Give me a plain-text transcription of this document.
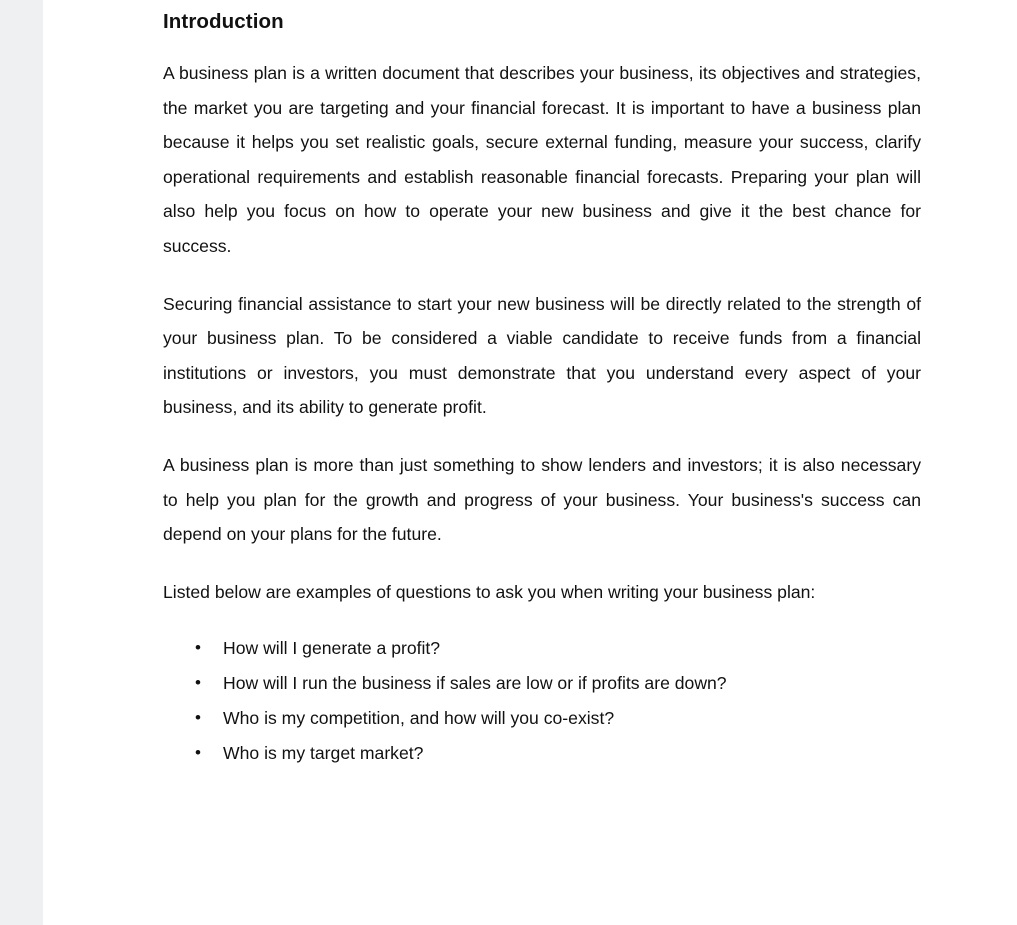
Introduction

A business plan is a written document that describes your business, its objectives and strategies, the market you are targeting and your financial forecast. It is important to have a business plan because it helps you set realistic goals, secure external funding, measure your success, clarify operational requirements and establish reasonable financial forecasts. Preparing your plan will also help you focus on how to operate your new business and give it the best chance for success.

Securing financial assistance to start your new business will be directly related to the strength of your business plan. To be considered a viable candidate to receive funds from a financial institutions or investors, you must demonstrate that you understand every aspect of your business, and its ability to generate profit.

A business plan is more than just something to show lenders and investors; it is also necessary to help you plan for the growth and progress of your business. Your business's success can depend on your plans for the future.

Listed below are examples of questions to ask you when writing your business plan:

• How will I generate a profit?
• How will I run the business if sales are low or if profits are down?
• Who is my competition, and how will you co-exist?
• Who is my target market?
